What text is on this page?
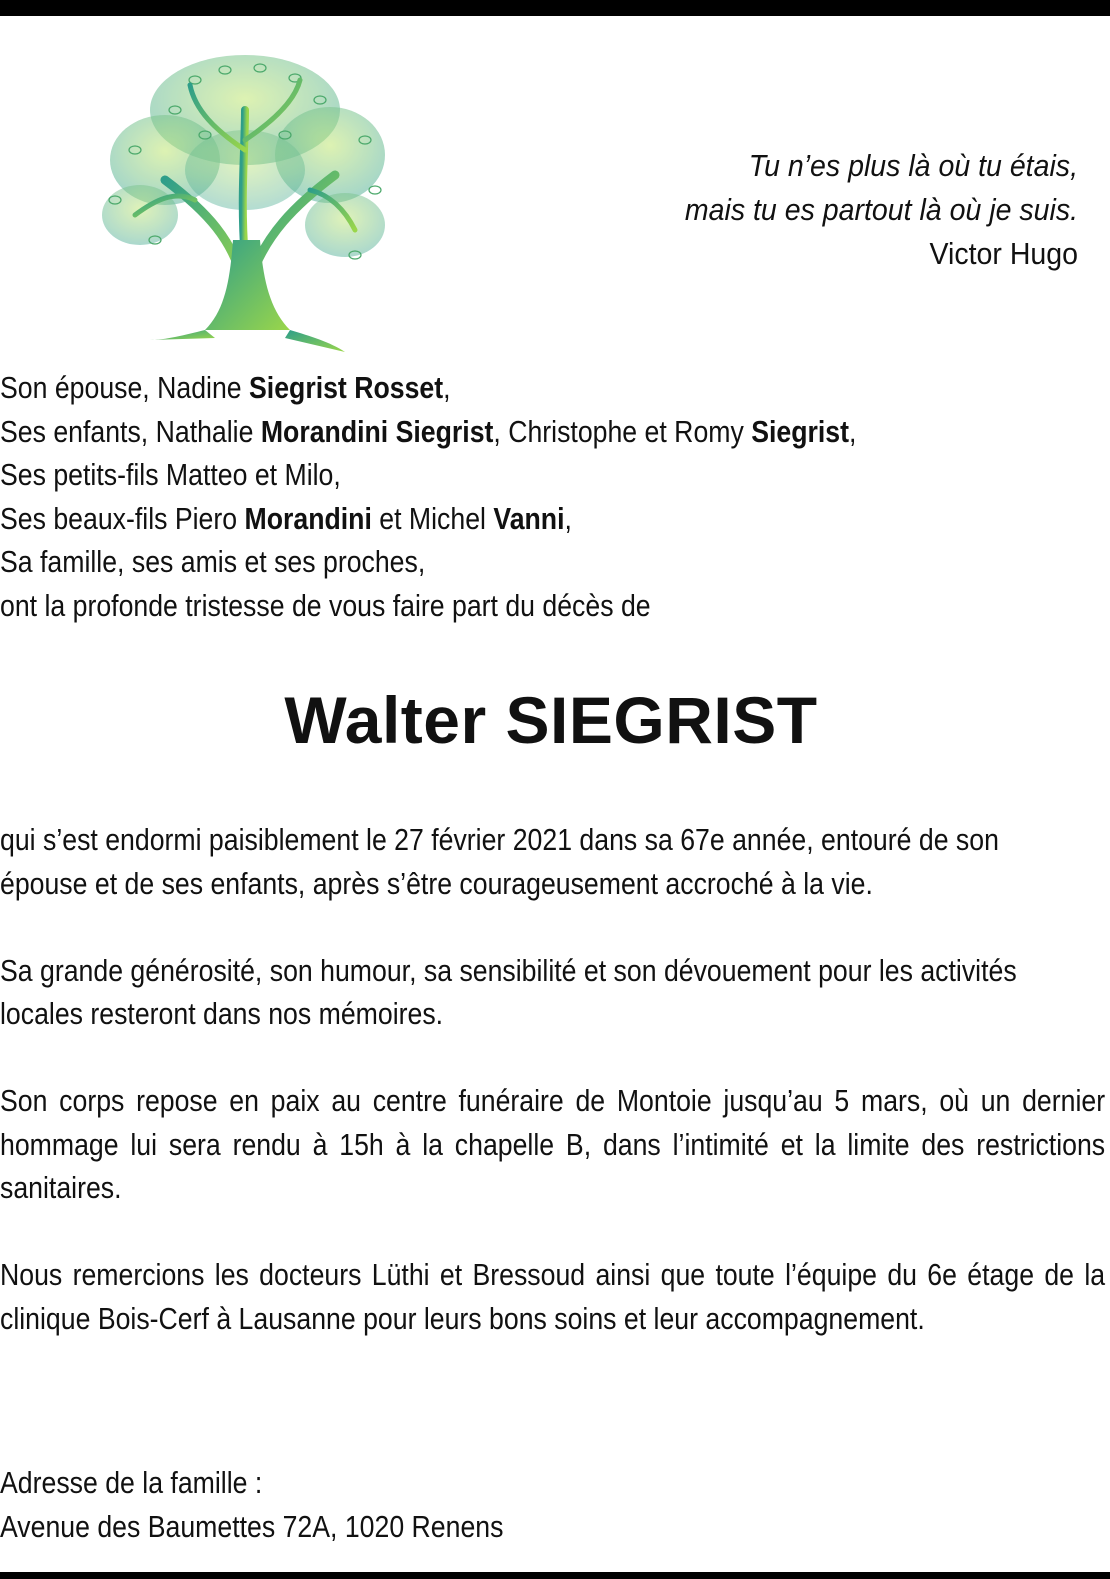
Tu n’es plus là où tu étais,
mais tu es partout là où je suis.
Victor Hugo
Son épouse, Nadine Siegrist Rosset,
Ses enfants, Nathalie Morandini Siegrist, Christophe et Romy Siegrist,
Ses petits-fils Matteo et Milo,
Ses beaux-fils Piero Morandini et Michel Vanni,
Sa famille, ses amis et ses proches,
ont la profonde tristesse de vous faire part du décès de
Walter SIEGRIST

qui s’est endormi paisiblement le 27 février 2021 dans sa 67e année, entouré de son épouse et de ses enfants, après s’être courageusement accroché à la vie.

Sa grande générosité, son humour, sa sensibilité et son dévouement pour les activités locales resteront dans nos mémoires.

Son corps repose en paix au centre funéraire de Montoie jusqu’au 5 mars, où un dernier hommage lui sera rendu à 15h à la chapelle B, dans l’intimité et la limite des restrictions sanitaires.

Nous remercions les docteurs Lüthi et Bressoud ainsi que toute l’équipe du 6e étage de la clinique Bois-Cerf à Lausanne pour leurs bons soins et leur accompagnement.

Adresse de la famille :
Avenue des Baumettes 72A, 1020 Renens
